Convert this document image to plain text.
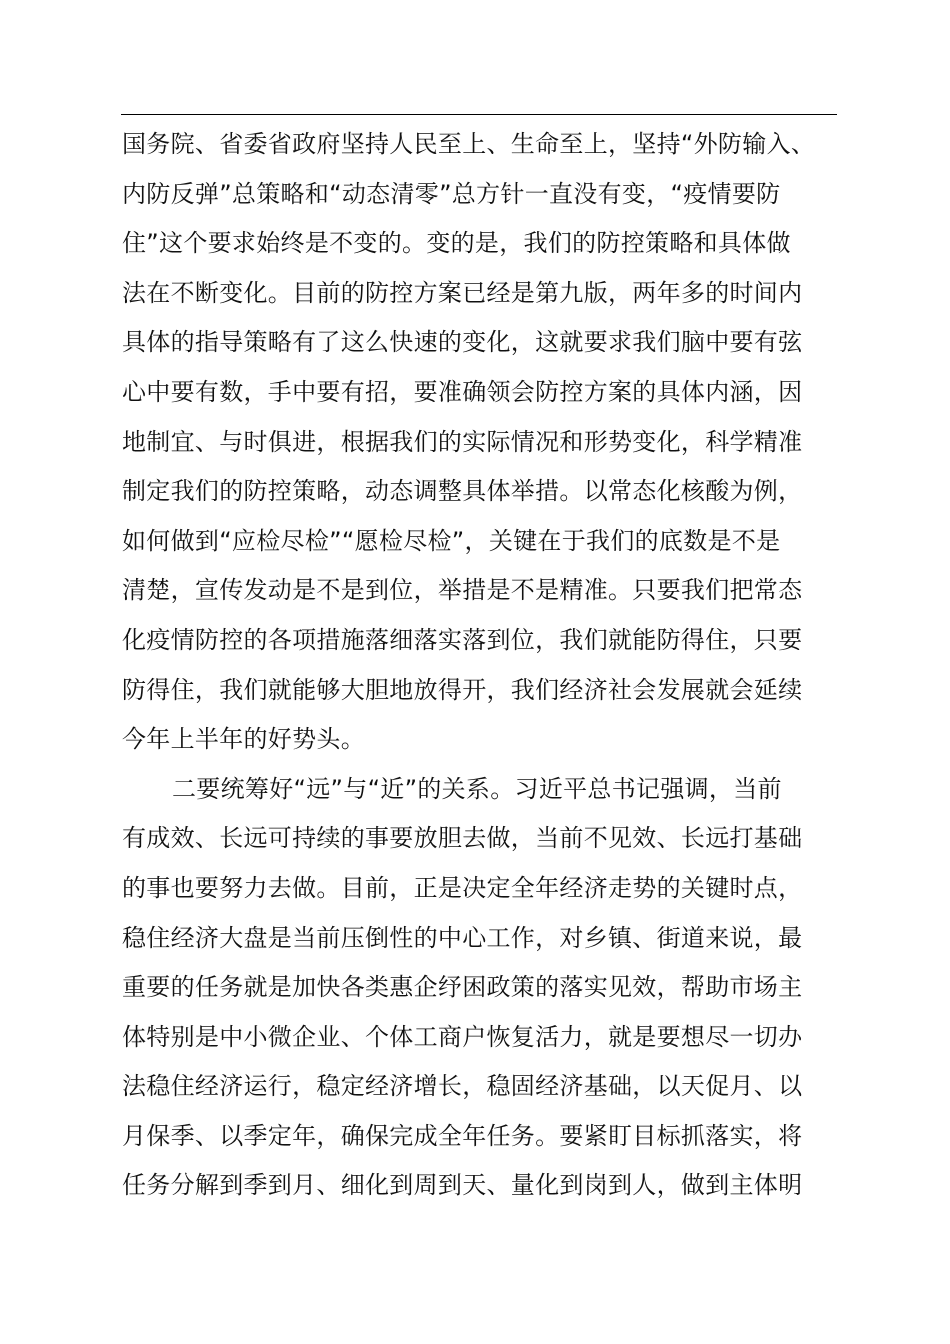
国务院、省委省政府坚持人民至上、生命至上，坚持“外防输入、
内防反弹”总策略和“动态清零”总方针一直没有变，“疫情要防
住”这个要求始终是不变的。变的是，我们的防控策略和具体做
法在不断变化。目前的防控方案已经是第九版，两年多的时间内
具体的指导策略有了这么快速的变化，这就要求我们脑中要有弦
心中要有数，手中要有招，要准确领会防控方案的具体内涵，因
地制宜、与时俱进，根据我们的实际情况和形势变化，科学精准
制定我们的防控策略，动态调整具体举措。以常态化核酸为例，
如何做到“应检尽检”“愿检尽检”，关键在于我们的底数是不是
清楚，宣传发动是不是到位，举措是不是精准。只要我们把常态
化疫情防控的各项措施落细落实落到位，我们就能防得住，只要
防得住，我们就能够大胆地放得开，我们经济社会发展就会延续
今年上半年的好势头。
二要统筹好“远”与“近”的关系。习近平总书记强调，当前
有成效、长远可持续的事要放胆去做，当前不见效、长远打基础
的事也要努力去做。目前，正是决定全年经济走势的关键时点，
稳住经济大盘是当前压倒性的中心工作，对乡镇、街道来说，最
重要的任务就是加快各类惠企纾困政策的落实见效，帮助市场主
体特别是中小微企业、个体工商户恢复活力，就是要想尽一切办
法稳住经济运行，稳定经济增长，稳固经济基础，以天促月、以
月保季、以季定年，确保完成全年任务。要紧盯目标抓落实，将
任务分解到季到月、细化到周到天、量化到岗到人，做到主体明
